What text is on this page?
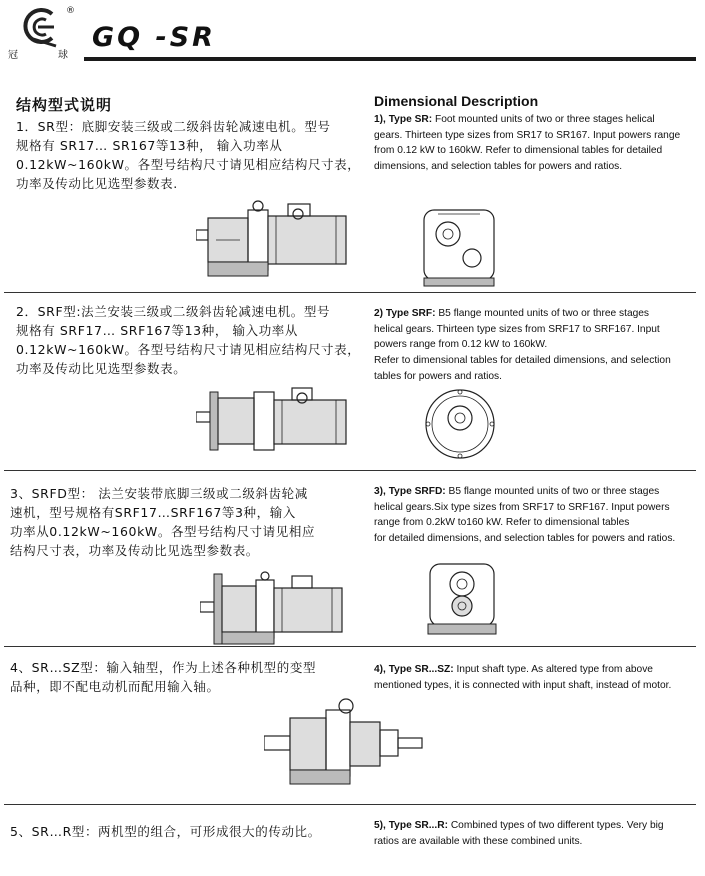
®
冠	球
GQ -SR
结构型式说明	Dimensional Description
1．SR型：底脚安装三级或二级斜齿轮减速电机。型号
规格有 SR17… SR167等13种， 输入功率从
0.12kW~160kW。各型号结构尺寸请见相应结构尺寸表，
功率及传动比见选型参数表.
1), Type SR: Foot mounted units of two or three stages helical
gears. Thirteen type sizes from SR17 to SR167. Input powers range
from 0.12 kW to 160kW. Refer to dimensional tables for detailed
dimensions, and selection tables for powers and ratios.
2．SRF型:法兰安装三级或二级斜齿轮减速电机。型号
规格有 SRF17… SRF167等13种， 输入功率从
0.12kW~160kW。各型号结构尺寸请见相应结构尺寸表，
功率及传动比见选型参数表。
2) Type SRF: B5 flange mounted units of two or three stages
helical gears. Thirteen type sizes from SRF17 to SRF167. Input
powers range from 0.12 kW to 160kW.
Refer to dimensional tables for detailed dimensions, and selection
tables for powers and ratios.
3、SRFD型： 法兰安装带底脚三级或二级斜齿轮减
速机，型号规格有SRF17…SRF167等3种，输入
功率从0.12kW~160kW。各型号结构尺寸请见相应
结构尺寸表，功率及传动比见选型参数表。
3), Type SRFD: B5 flange mounted units of two or three stages
helical gears.Six type sizes from SRF17 to SRF167. Input powers
range from 0.2kW to160 kW. Refer to dimensional tables
for detailed dimensions, and selection tables for powers and ratios.
4、SR…SZ型：输入轴型，作为上述各种机型的变型
品种，即不配电动机而配用输入轴。
4), Type SR...SZ: Input shaft type. As altered type from above
mentioned types, it is connected with input shaft, instead of motor.
5、SR…R型：两机型的组合，可形成很大的传动比。	5), Type SR...R: Combined types of two different types. Very big
ratios are available with these combined units.
